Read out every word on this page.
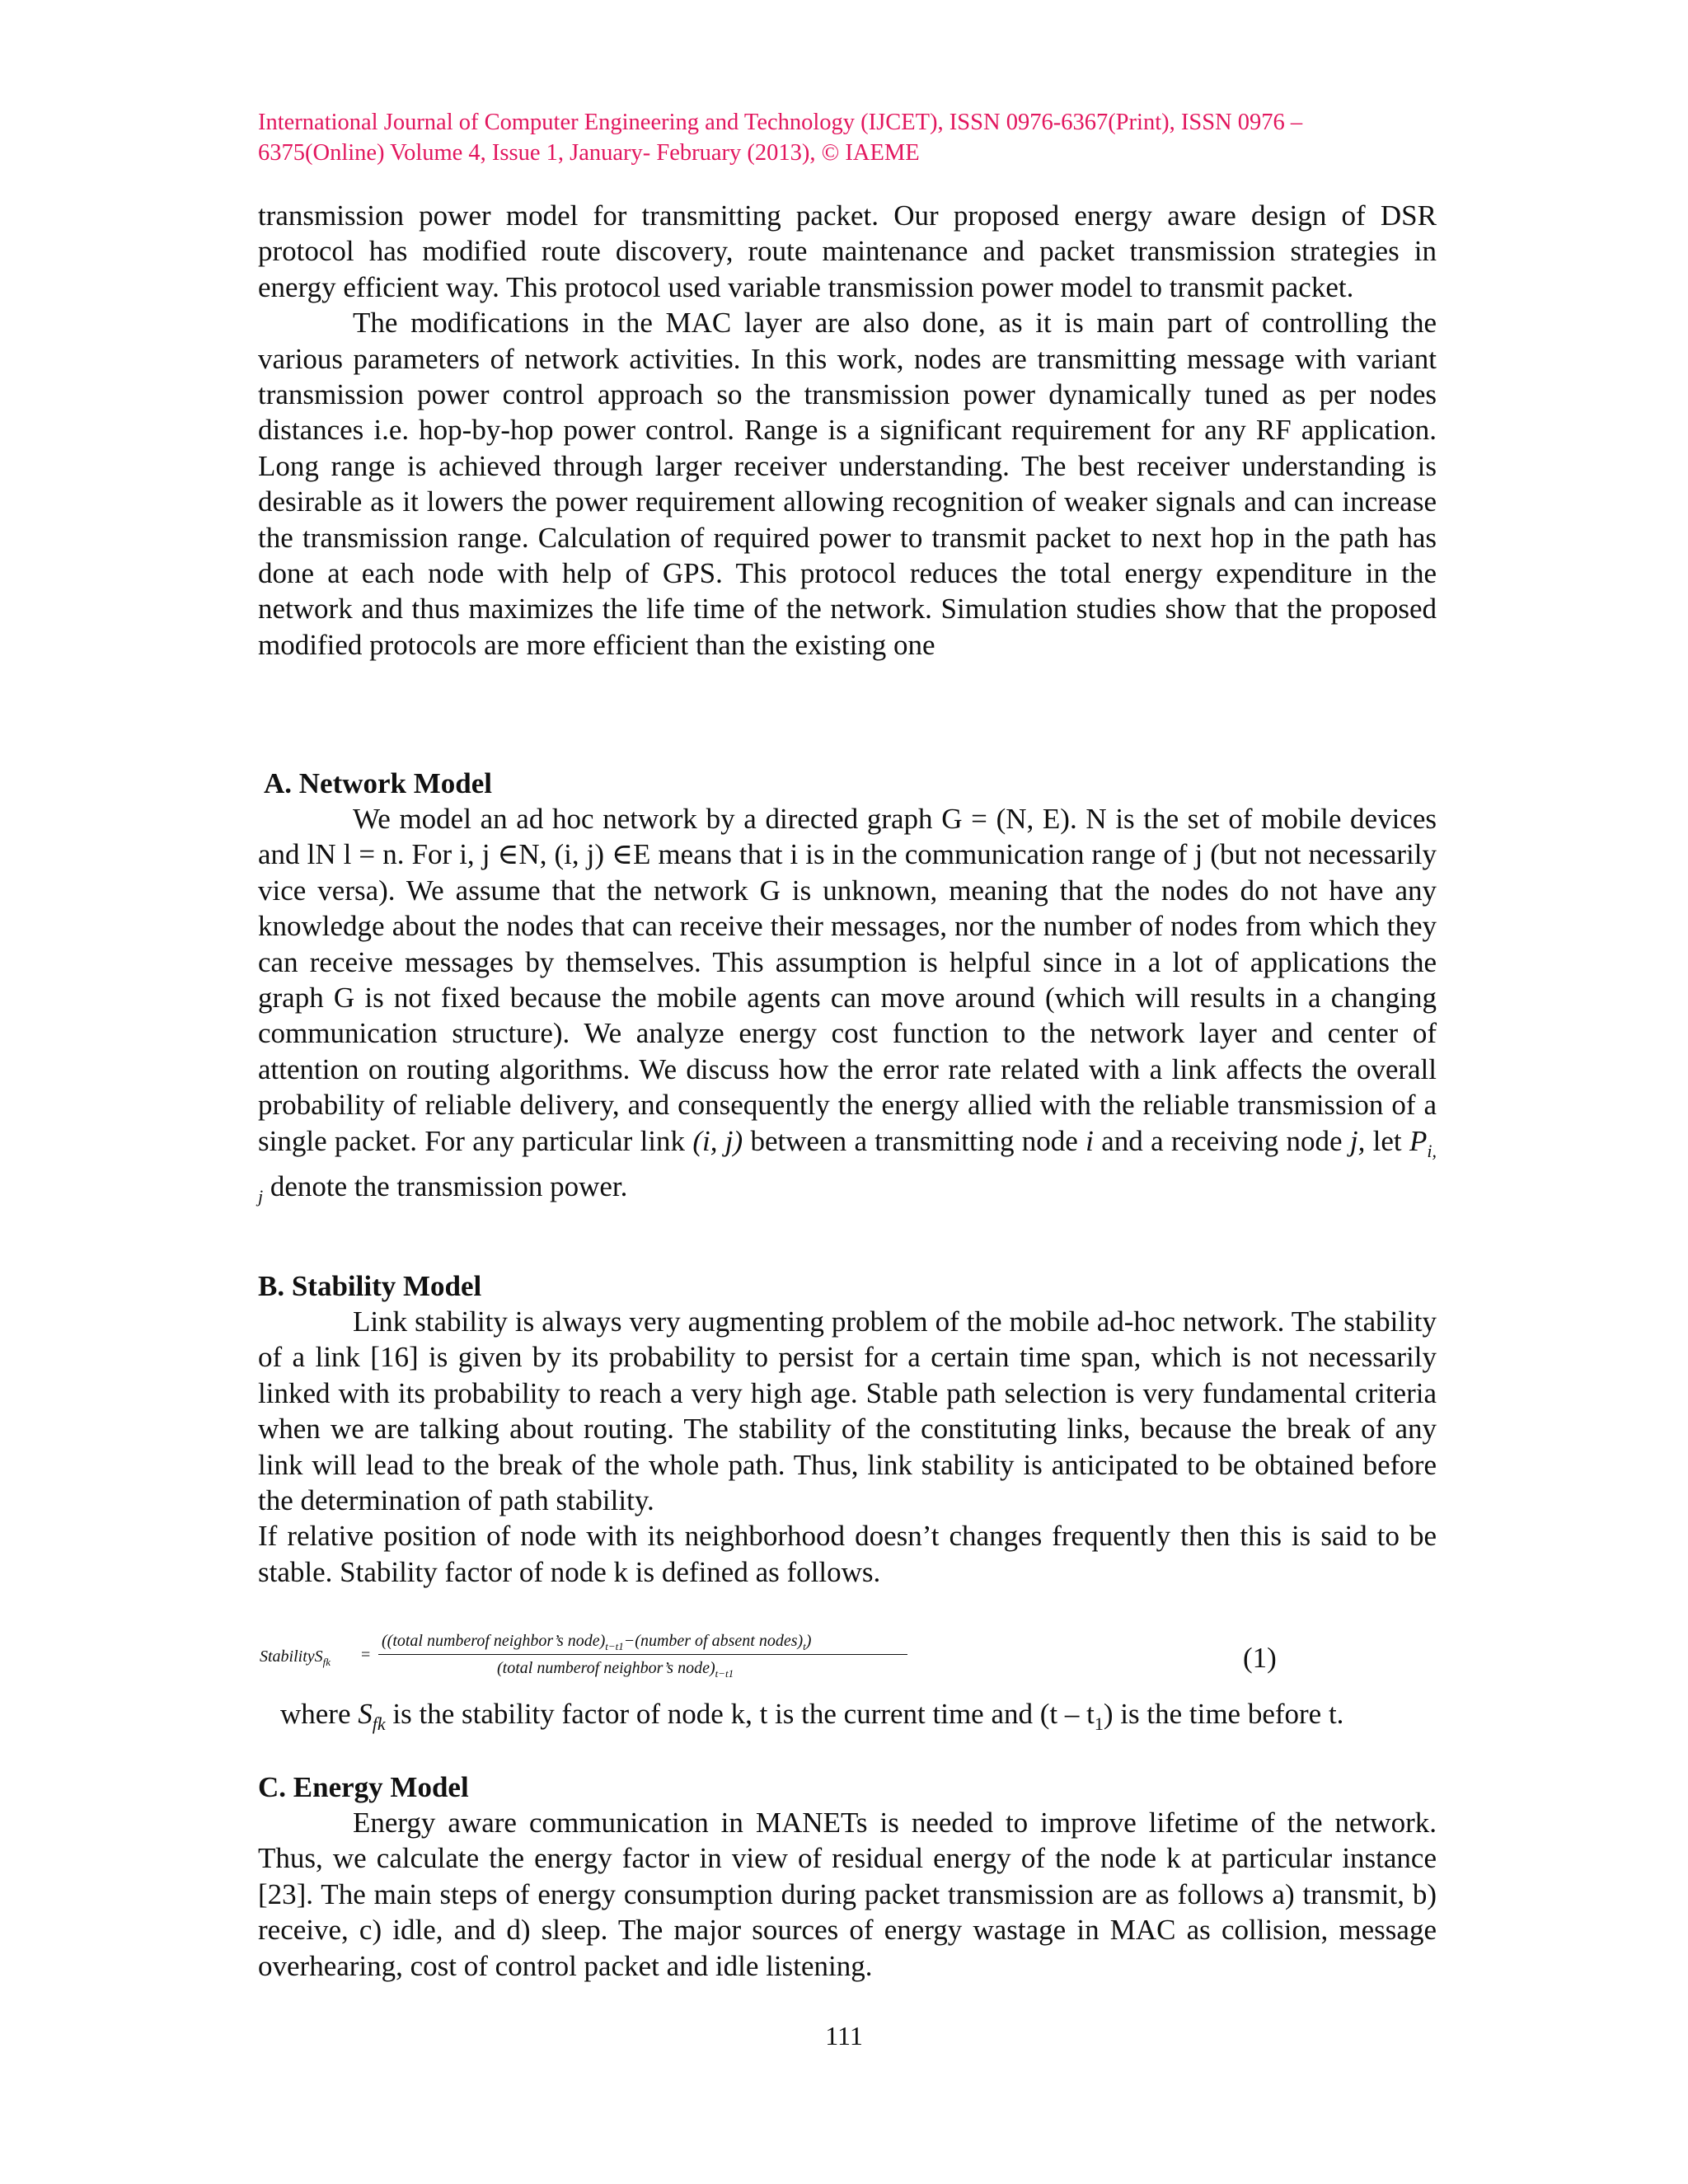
International Journal of Computer Engineering and Technology (IJCET), ISSN 0976-6367(Print), ISSN 0976 –
6375(Online) Volume 4, Issue 1, January- February (2013), © IAEME

transmission power model for transmitting packet. Our proposed energy aware design of DSR protocol has modified route discovery, route maintenance and packet transmission strategies in energy efficient way. This protocol used variable transmission power model to transmit packet.

The modifications in the MAC layer are also done, as it is main part of controlling the various parameters of network activities. In this work, nodes are transmitting message with variant transmission power control approach so the transmission power dynamically tuned as per nodes distances i.e. hop-by-hop power control. Range is a significant requirement for any RF application. Long range is achieved through larger receiver understanding. The best receiver understanding is desirable as it lowers the power requirement allowing recognition of weaker signals and can increase the transmission range. Calculation of required power to transmit packet to next hop in the path has done at each node with help of GPS. This protocol reduces the total energy expenditure in the network and thus maximizes the life time of the network. Simulation studies show that the proposed modified protocols are more efficient than the existing one

A. Network Model

We model an ad hoc network by a directed graph G = (N, E). N is the set of mobile devices and lN l = n. For i, j ∈N, (i, j) ∈E means that i is in the communication range of j (but not necessarily vice versa). We assume that the network G is unknown, meaning that the nodes do not have any knowledge about the nodes that can receive their messages, nor the number of nodes from which they can receive messages by themselves. This assumption is helpful since in a lot of applications the graph G is not fixed because the mobile agents can move around (which will results in a changing communication structure). We analyze energy cost function to the network layer and center of attention on routing algorithms. We discuss how the error rate related with a link affects the overall probability of reliable delivery, and consequently the energy allied with the reliable transmission of a single packet. For any particular link (i, j) between a transmitting node i and a receiving node j, let $P_{i, j}$ denote the transmission power.

B. Stability Model

Link stability is always very augmenting problem of the mobile ad-hoc network. The stability of a link [16] is given by its probability to persist for a certain time span, which is not necessarily linked with its probability to reach a very high age. Stable path selection is very fundamental criteria when we are talking about routing. The stability of the constituting links, because the break of any link will lead to the break of the whole path. Thus, link stability is anticipated to be obtained before the determination of path stability.

If relative position of node with its neighborhood doesn’t changes frequently then this is said to be stable. Stability factor of node k is defined as follows.

StabilityS$_{fk}$ =
((total numberof neighbor’s $node)_{t-t1}-(number$ of absent $nodes)_t$)
(total numberof neighbor’s $node)_{t-t1}$	(1)
where $S_{fk}$ is the stability factor of node k, t is the current time and $(t - t_1)$ is the time before t.
C. Energy Model

Energy aware communication in MANETs is needed to improve lifetime of the network. Thus, we calculate the energy factor in view of residual energy of the node k at particular instance [23]. The main steps of energy consumption during packet transmission are as follows a) transmit, b) receive, c) idle, and d) sleep. The major sources of energy wastage in MAC as collision, message overhearing, cost of control packet and idle listening.

111
